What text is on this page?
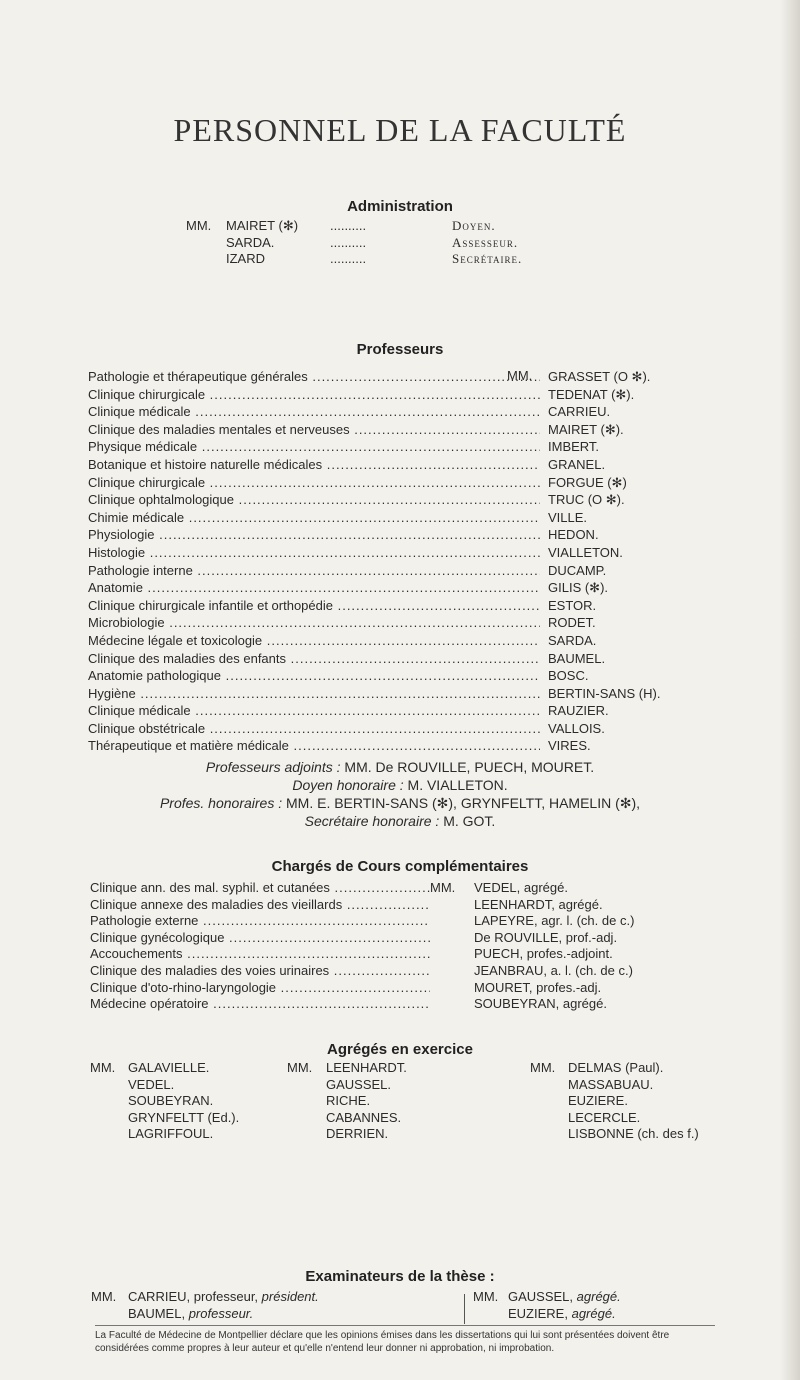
PERSONNEL DE LA FACULTÉ
Administration
MM. MAIRET (✻)	..........	Doyen.
SARDA.	..........	Assesseur.
IZARD	..........	Secrétaire.
Professeurs
MM.
Pathologie et thérapeutique générales .....	GRASSET (O ✻).
Clinique chirurgicale .....	TEDENAT (✻).
Clinique médicale .....	CARRIEU.
Clinique des maladies mentales et nerveuses .....	MAIRET (✻).
Physique médicale .....	IMBERT.
Botanique et histoire naturelle médicales .....	GRANEL.
Clinique chirurgicale .....	FORGUE (✻)
Clinique ophtalmologique .....	TRUC (O ✻).
Chimie médicale .....	VILLE.
Physiologie .....	HEDON.
Histologie .....	VIALLETON.
Pathologie interne .....	DUCAMP.
Anatomie .....	GILIS (✻).
Clinique chirurgicale infantile et orthopédie .....	ESTOR.
Microbiologie .....	RODET.
Médecine légale et toxicologie .....	SARDA.
Clinique des maladies des enfants .....	BAUMEL.
Anatomie pathologique .....	BOSC.
Hygiène .....	BERTIN-SANS (H).
Clinique médicale .....	RAUZIER.
Clinique obstétricale .....	VALLOIS.
Thérapeutique et matière médicale .....	VIRES.
Professeurs adjoints : MM. De ROUVILLE, PUECH, MOURET.
Doyen honoraire : M. VIALLETON.
Profes. honoraires : MM. E. BERTIN-SANS (✻), GRYNFELTT, HAMELIN (✻),
Secrétaire honoraire : M. GOT.
Chargés de Cours complémentaires
MM.
Clinique ann. des mal. syphil. et cutanées .....	VEDEL, agrégé.
Clinique annexe des maladies des vieillards .....	LEENHARDT, agrégé.
Pathologie externe .....	LAPEYRE, agr. l. (ch. de c.)
Clinique gynécologique .....	De ROUVILLE, prof.-adj.
Accouchements .....	PUECH, profes.-adjoint.
Clinique des maladies des voies urinaires .....	JEANBRAU, a. l. (ch. de c.)
Clinique d'oto-rhino-laryngologie .....	MOURET, profes.-adj.
Médecine opératoire .....	SOUBEYRAN, agrégé.
Agrégés en exercice
MM. GALAVIELLE.
VEDEL.
SOUBEYRAN.
GRYNFELTT (Ed.).
LAGRIFFOUL.
MM. LEENHARDT.
GAUSSEL.
RICHE.
CABANNES.
DERRIEN.
MM. DELMAS (Paul).
MASSABUAU.
EUZIERE.
LECERCLE.
LISBONNE (ch. des f.)
Examinateurs de la thèse :
MM. CARRIEU, professeur, président.
BAUMEL, professeur.
MM. GAUSSEL, agrégé.
EUZIERE, agrégé.
La Faculté de Médecine de Montpellier déclare que les opinions émises dans les dissertations qui lui sont présentées doivent être considérées comme propres à leur auteur et qu'elle n'entend leur donner ni approbation, ni improbation.
